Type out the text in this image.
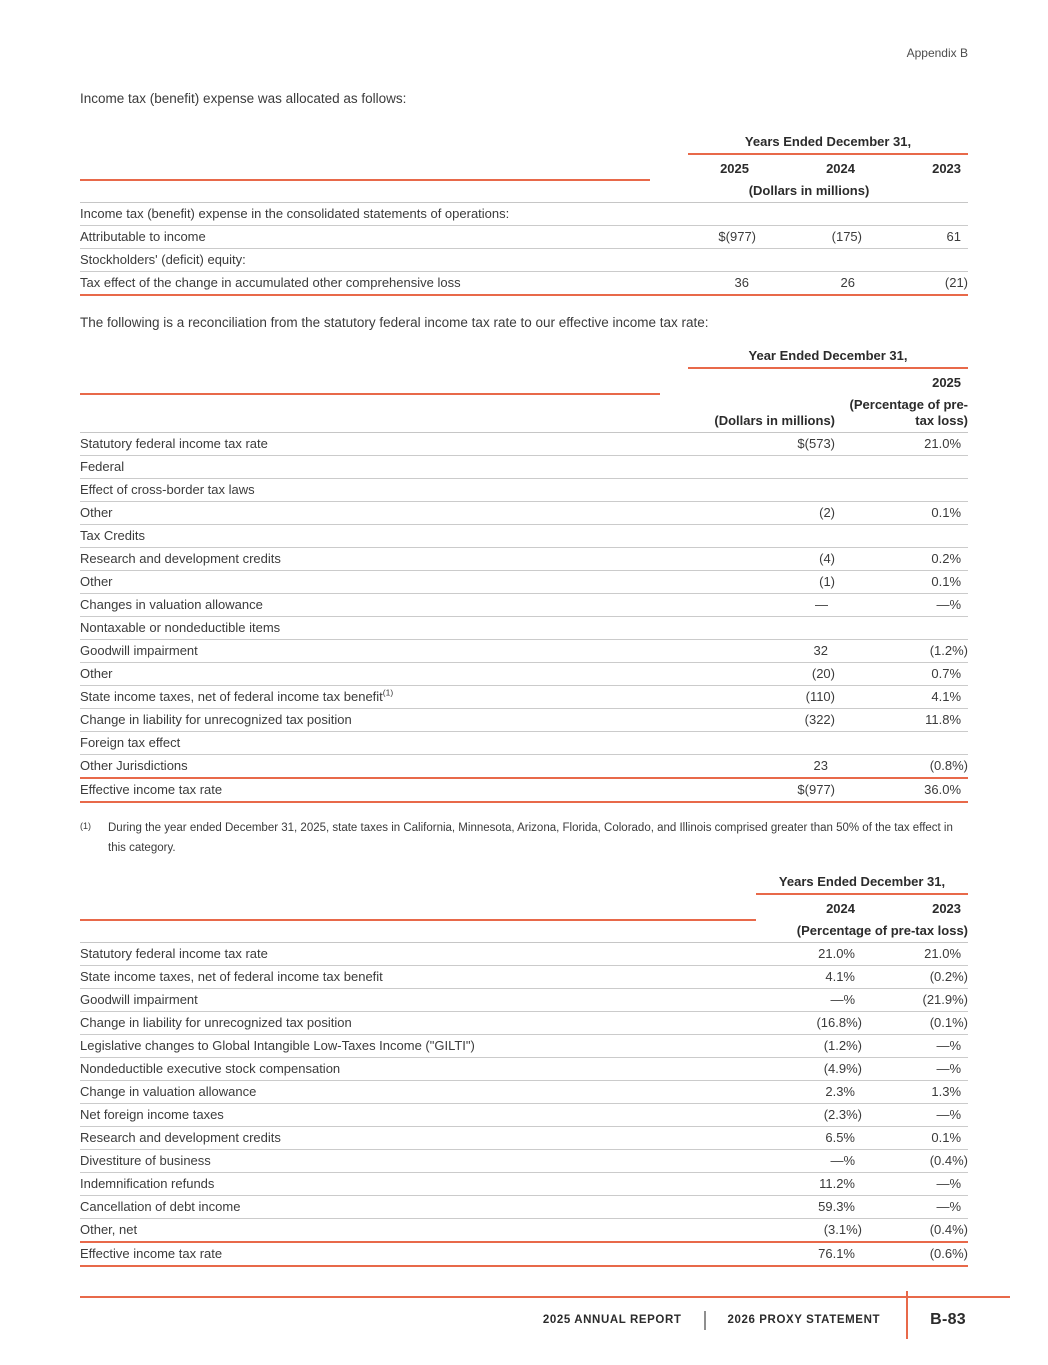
Appendix B

Income tax (benefit) expense was allocated as follows:

	Years Ended December 31,		

	2025	2024	2023
	(Dollars in millions)		
Income tax (benefit) expense in the consolidated statements of operations:			
Attributable to income	$(977)	(175)	61
Stockholders' (deficit) equity:			
Tax effect of the change in accumulated other comprehensive loss	36	26	(21)

The following is a reconciliation from the statutory federal income tax rate to our effective income tax rate:

	Year Ended December 31,	

	2025	
	(Dollars in millions)	(Percentage of pre-tax loss)
Statutory federal income tax rate	$(573)	21.0%
Federal		
Effect of cross-border tax laws		
Other	(2)	0.1%
Tax Credits		
Research and development credits	(4)	0.2%
Other	(1)	0.1%
Changes in valuation allowance	—	—%
Nontaxable or nondeductible items		
Goodwill impairment	32	(1.2%)
Other	(20)	0.7%
State income taxes, net of federal income tax benefit$^{(1)}$	(110)	4.1%
Change in liability for unrecognized tax position	(322)	11.8%
Foreign tax effect		
Other Jurisdictions	23	(0.8%)
Effective income tax rate	$(977)	36.0%
(1) During the year ended December 31, 2025, state taxes in California, Minnesota, Arizona, Florida, Colorado, and Illinois comprised greater than 50% of the tax effect in this category.

	Years Ended December 31,	

	2024	2023
	(Percentage of pre-tax loss)	
Statutory federal income tax rate	21.0%	21.0%
State income taxes, net of federal income tax benefit	4.1%	(0.2%)
Goodwill impairment	—%	(21.9%)
Change in liability for unrecognized tax position	(16.8%)	(0.1%)
Legislative changes to Global Intangible Low-Taxes Income ("GILTI")	(1.2%)	—%
Nondeductible executive stock compensation	(4.9%)	—%
Change in valuation allowance	2.3%	1.3%
Net foreign income taxes	(2.3%)	—%
Research and development credits	6.5%	0.1%
Divestiture of business	—%	(0.4%)
Indemnification refunds	11.2%	—%
Cancellation of debt income	59.3%	—%
Other, net	(3.1%)	(0.4%)
Effective income tax rate	76.1%	(0.6%)
2025 ANNUAL REPORT	2026 PROXY STATEMENT	B-83
